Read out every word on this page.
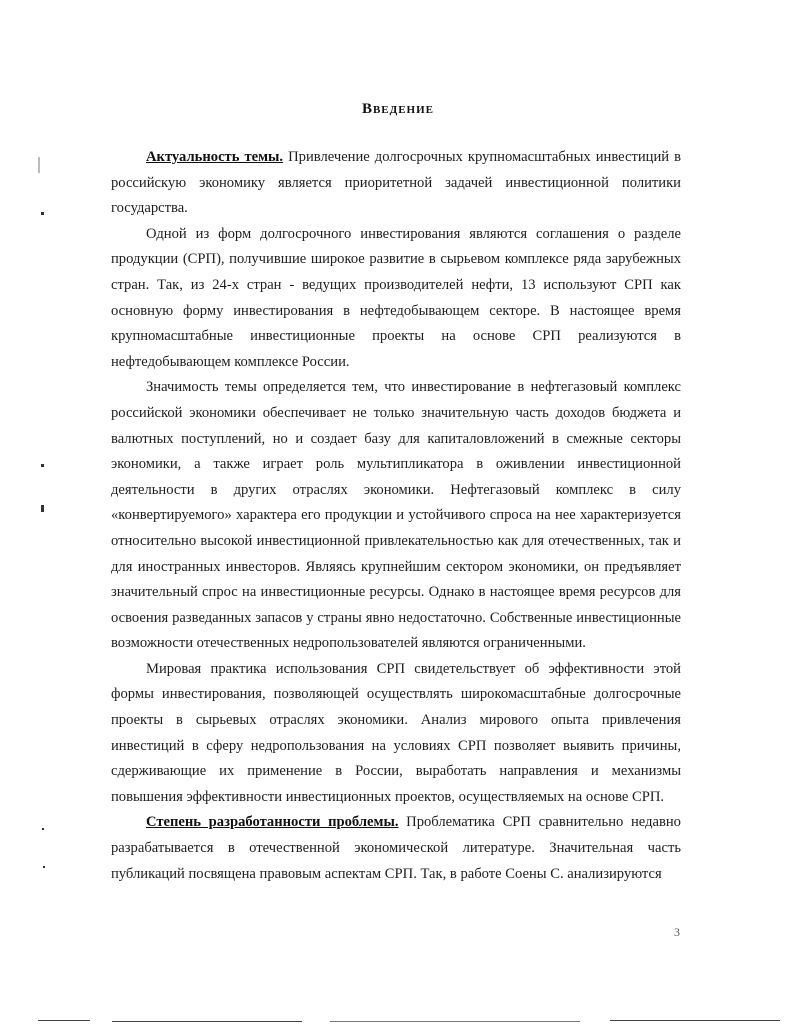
Введение

Актуальность темы. Привлечение долгосрочных крупномасштабных инвестиций в российскую экономику является приоритетной задачей инвестиционной политики государства.

Одной из форм долгосрочного инвестирования являются соглашения о разделе продукции (СРП), получившие широкое развитие в сырьевом комплексе ряда зарубежных стран. Так, из 24-х стран - ведущих производителей нефти, 13 используют СРП как основную форму инвестирования в нефтедобывающем секторе. В настоящее время крупномасштабные инвестиционные проекты на основе СРП реализуются в нефтедобывающем комплексе России.

Значимость темы определяется тем, что инвестирование в нефтегазовый комплекс российской экономики обеспечивает не только значительную часть доходов бюджета и валютных поступлений, но и создает базу для капиталовложений в смежные секторы экономики, а также играет роль мультипликатора в оживлении инвестиционной деятельности в других отраслях экономики. Нефтегазовый комплекс в силу «конвертируемого» характера его продукции и устойчивого спроса на нее характеризуется относительно высокой инвестиционной привлекательностью как для отечественных, так и для иностранных инвесторов. Являясь крупнейшим сектором экономики, он предъявляет значительный спрос на инвестиционные ресурсы. Однако в настоящее время ресурсов для освоения разведанных запасов у страны явно недостаточно. Собственные инвестиционные возможности отечественных недропользователей являются ограниченными.

Мировая практика использования СРП свидетельствует об эффективности этой формы инвестирования, позволяющей осуществлять широкомасштабные долгосрочные проекты в сырьевых отраслях экономики. Анализ мирового опыта привлечения инвестиций в сферу недропользования на условиях СРП позволяет выявить причины, сдерживающие их применение в России, выработать направления и механизмы повышения эффективности инвестиционных проектов, осуществляемых на основе СРП.

Степень разработанности проблемы. Проблематика СРП сравнительно недавно разрабатывается в отечественной экономической литературе. Значительная часть публикаций посвящена правовым аспектам СРП. Так, в работе Соены С. анализируются

3
